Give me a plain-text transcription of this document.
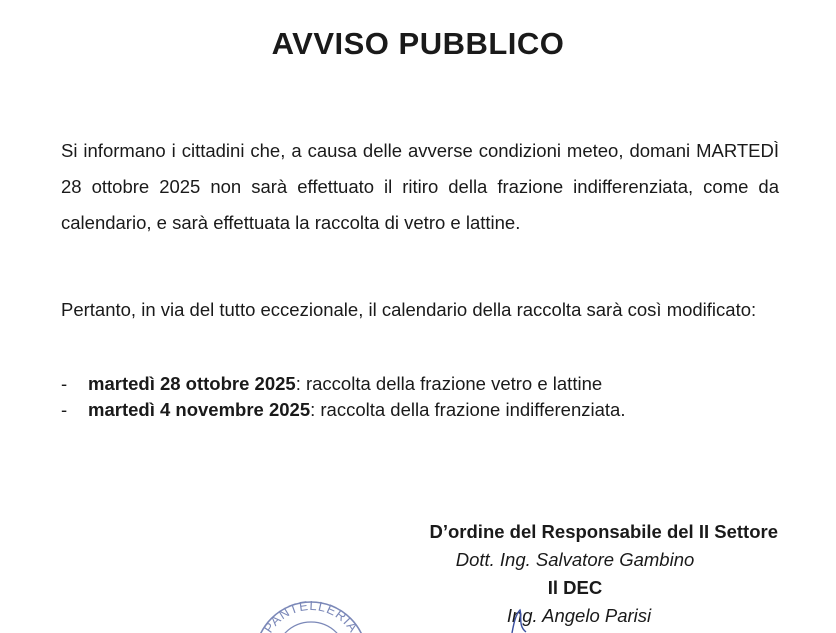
AVVISO PUBBLICO
Si informano i cittadini che, a causa delle avverse condizioni meteo, domani MARTEDÌ 28 ottobre 2025 non sarà effettuato il ritiro della frazione indifferenziata, come da calendario, e sarà effettuata la raccolta di vetro e lattine.
Pertanto, in via del tutto eccezionale, il calendario della raccolta sarà così modificato:
-	martedì 28 ottobre 2025: raccolta della frazione vetro e lattine
-	martedì 4 novembre 2025: raccolta della frazione indifferenziata.
D’ordine del Responsabile del II Settore
Dott. Ing. Salvatore Gambino
Il DEC
Ing. Angelo Parisi
PANTELLERIA
